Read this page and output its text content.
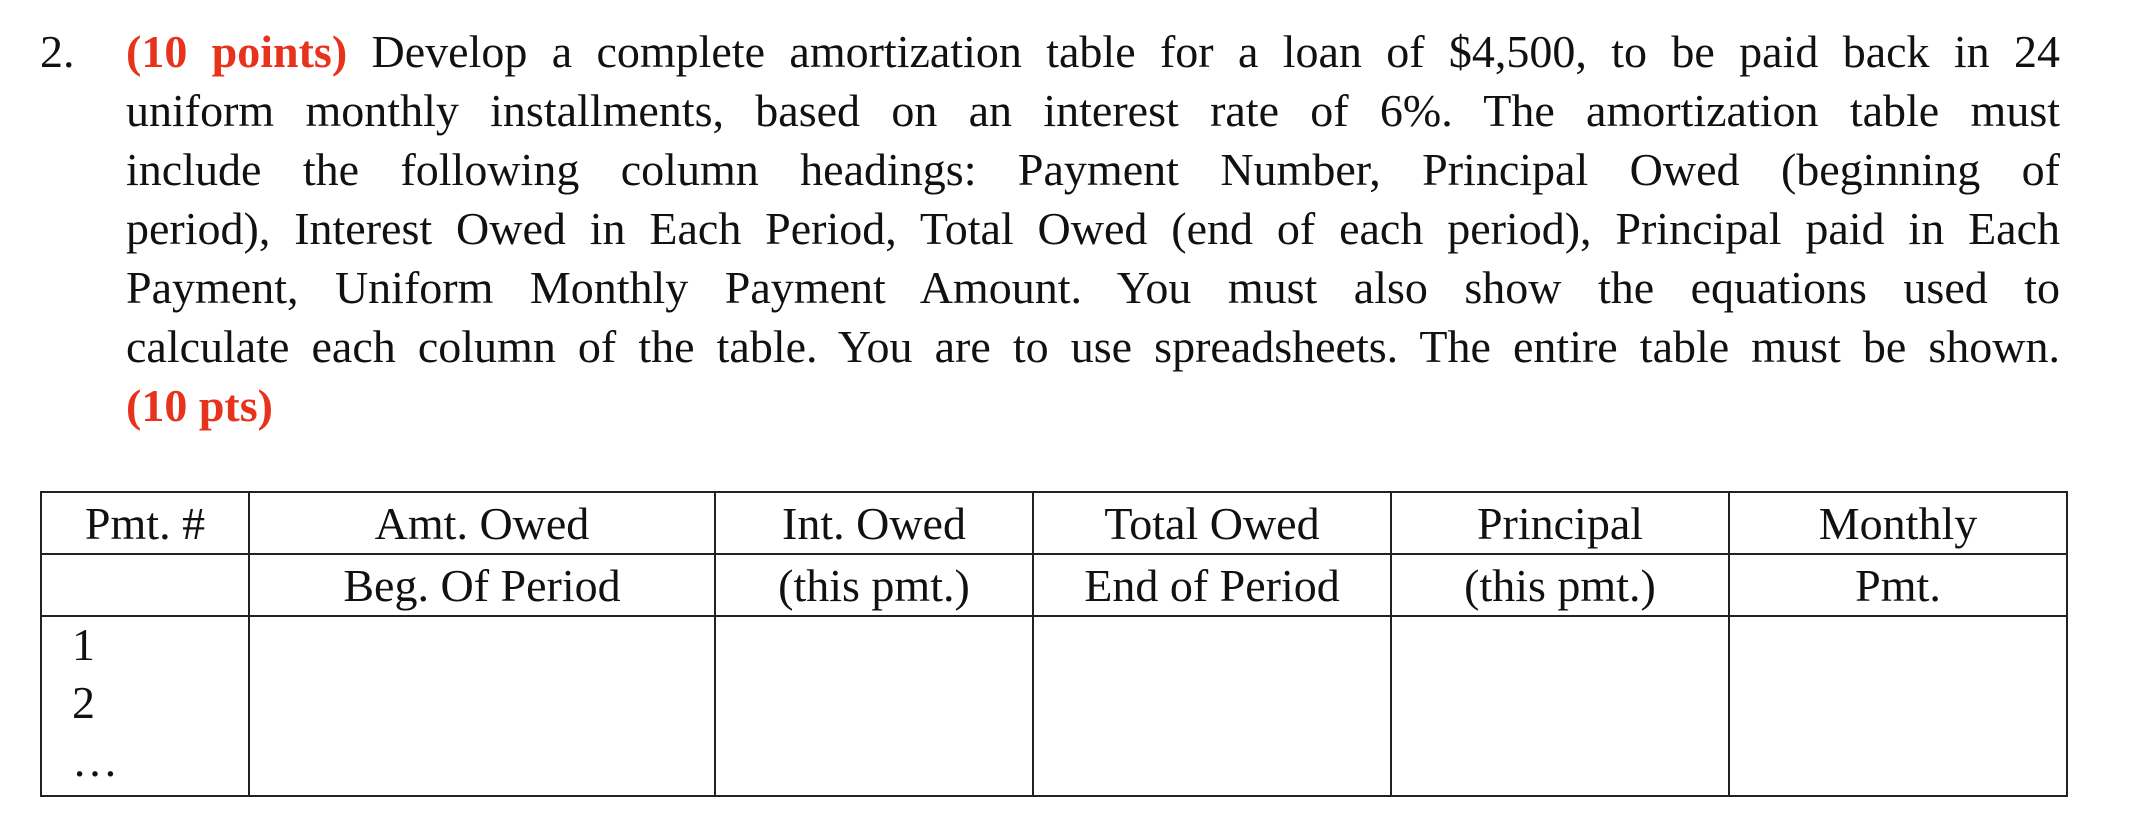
2. (10 points) Develop a complete amortization table for a loan of $4,500, to be paid back in 24
uniform monthly installments, based on an interest rate of 6%. The amortization table must
include the following column headings: Payment Number, Principal Owed (beginning of
period), Interest Owed in Each Period, Total Owed (end of each period), Principal paid in Each
Payment, Uniform Monthly Payment Amount. You must also show the equations used to
calculate each column of the table. You are to use spreadsheets. The entire table must be shown.
(10 pts)
Pmt. #	Amt. Owed	Int. Owed	Total Owed	Principal	Monthly
	Beg. Of Period	(this pmt.)	End of Period	(this pmt.)	Pmt.

1
2
…					
